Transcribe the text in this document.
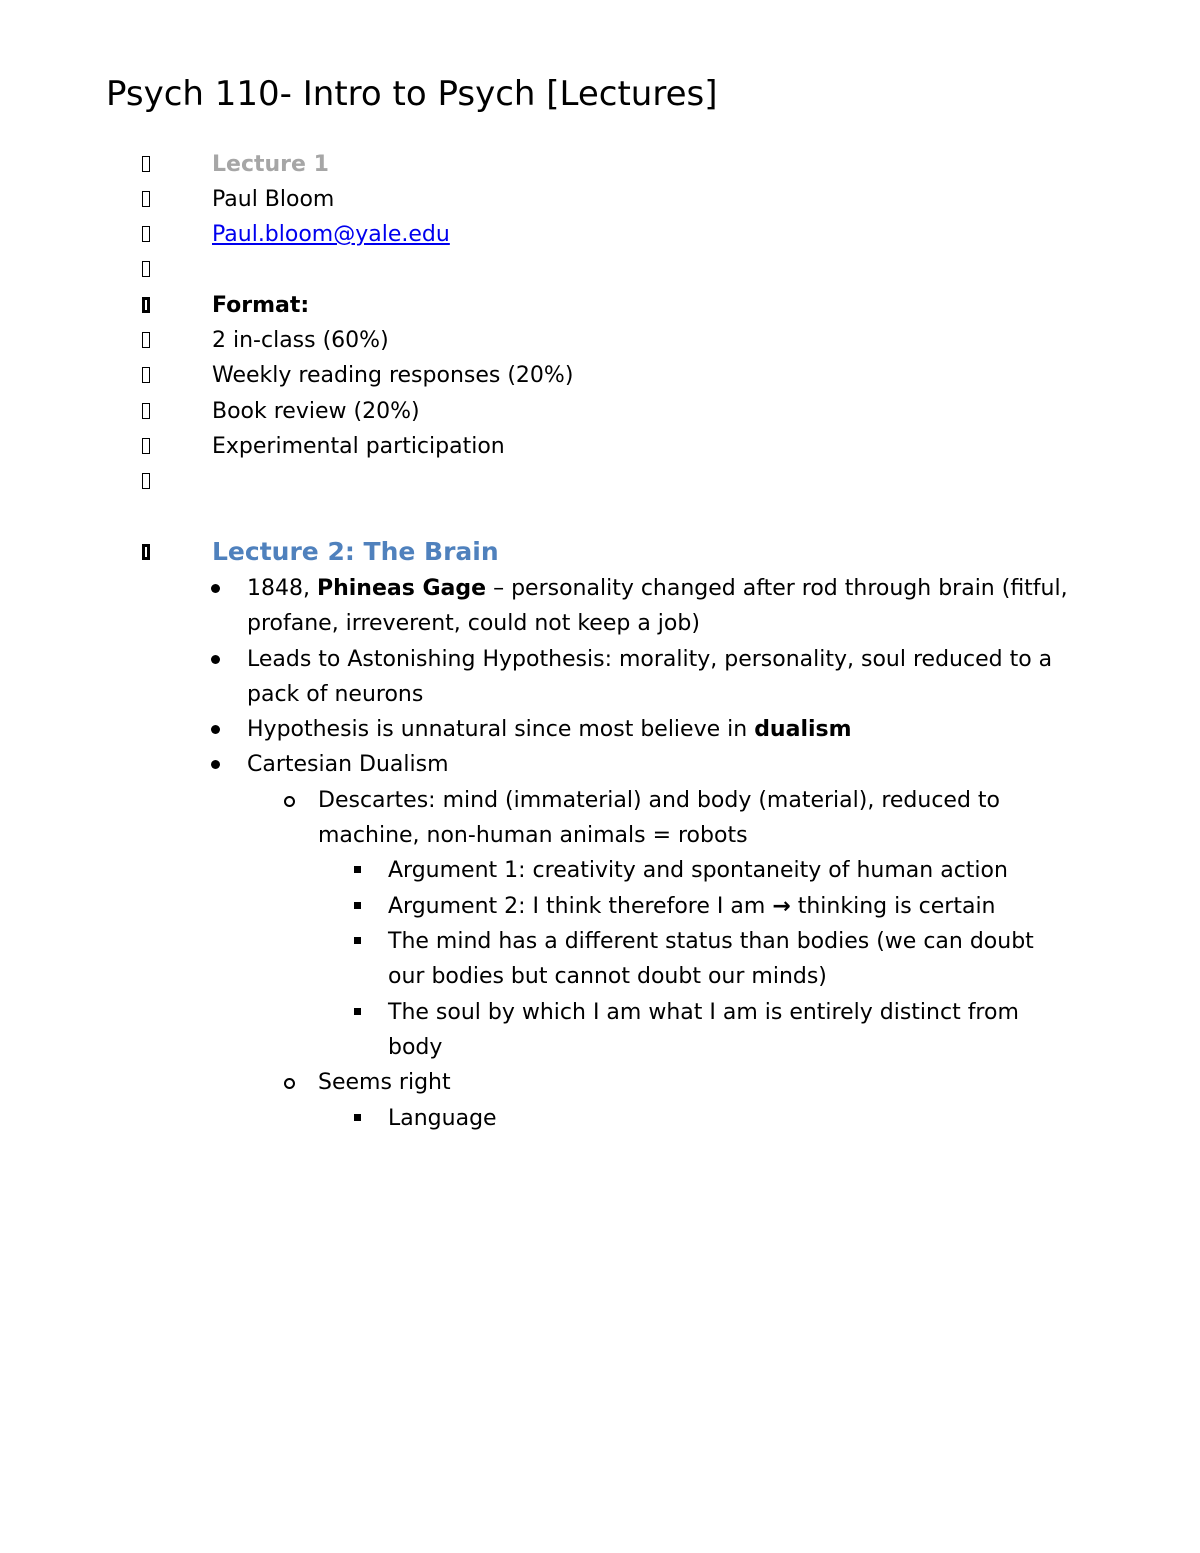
Psych 110- Intro to Psych [Lectures]
Lecture 1
Paul Bloom
Paul.bloom@yale.edu
Format:
2 in-class (60%)
Weekly reading responses (20%)
Book review (20%)
Experimental participation
Lecture 2: The Brain
1848, Phineas Gage – personality changed after rod through brain (fitful, profane, irreverent, could not keep a job)
Leads to Astonishing Hypothesis: morality, personality, soul reduced to a pack of neurons
Hypothesis is unnatural since most believe in dualism
Cartesian Dualism
Descartes: mind (immaterial) and body (material), reduced to machine, non-human animals = robots
Argument 1: creativity and spontaneity of human action
Argument 2: I think therefore I am → thinking is certain
The mind has a different status than bodies (we can doubt our bodies but cannot doubt our minds)
The soul by which I am what I am is entirely distinct from body
Seems right
Language
